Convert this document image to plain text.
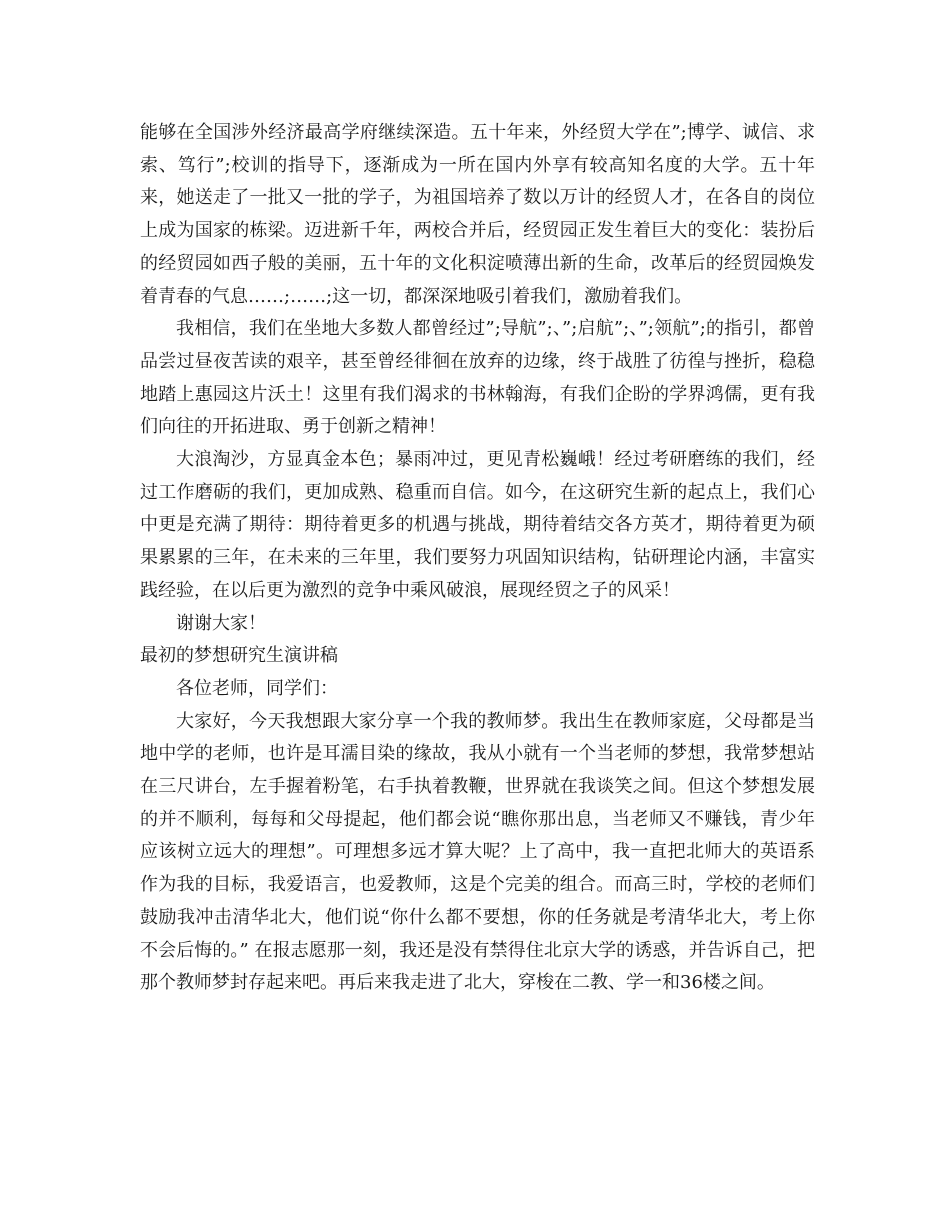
能够在全国涉外经济最高学府继续深造。五十年来，外经贸大学在”;博学、诚信、求索、笃行”;校训的指导下，逐渐成为一所在国内外享有较高知名度的大学。五十年来，她送走了一批又一批的学子，为祖国培养了数以万计的经贸人才，在各自的岗位上成为国家的栋梁。迈进新千年，两校合并后，经贸园正发生着巨大的变化：装扮后的经贸园如西子般的美丽，五十年的文化积淀喷薄出新的生命，改革后的经贸园焕发着青春的气息……;……;这一切，都深深地吸引着我们，激励着我们。

我相信，我们在坐地大多数人都曾经过”;导航”;、”;启航”;、”;领航”;的指引，都曾品尝过昼夜苦读的艰辛，甚至曾经徘徊在放弃的边缘，终于战胜了彷徨与挫折，稳稳地踏上惠园这片沃土！这里有我们渴求的书林翰海，有我们企盼的学界鸿儒，更有我们向往的开拓进取、勇于创新之精神！

大浪淘沙，方显真金本色；暴雨冲过，更见青松巍峨！经过考研磨练的我们，经过工作磨砺的我们，更加成熟、稳重而自信。如今，在这研究生新的起点上，我们心中更是充满了期待：期待着更多的机遇与挑战，期待着结交各方英才，期待着更为硕果累累的三年，在未来的三年里，我们要努力巩固知识结构，钻研理论内涵，丰富实践经验，在以后更为激烈的竞争中乘风破浪，展现经贸之子的风采！

谢谢大家！

最初的梦想研究生演讲稿

各位老师，同学们：

大家好，今天我想跟大家分享一个我的教师梦。我出生在教师家庭，父母都是当地中学的老师，也许是耳濡目染的缘故，我从小就有一个当老师的梦想，我常梦想站在三尺讲台，左手握着粉笔，右手执着教鞭，世界就在我谈笑之间。但这个梦想发展的并不顺利，每每和父母提起，他们都会说“瞧你那出息，当老师又不赚钱，青少年应该树立远大的理想”。可理想多远才算大呢？上了高中，我一直把北师大的英语系作为我的目标，我爱语言，也爱教师，这是个完美的组合。而高三时，学校的老师们鼓励我冲击清华北大，他们说“你什么都不要想，你的任务就是考清华北大，考上你不会后悔的。” 在报志愿那一刻，我还是没有禁得住北京大学的诱惑，并告诉自己，把那个教师梦封存起来吧。再后来我走进了北大，穿梭在二教、学一和36楼之间。
